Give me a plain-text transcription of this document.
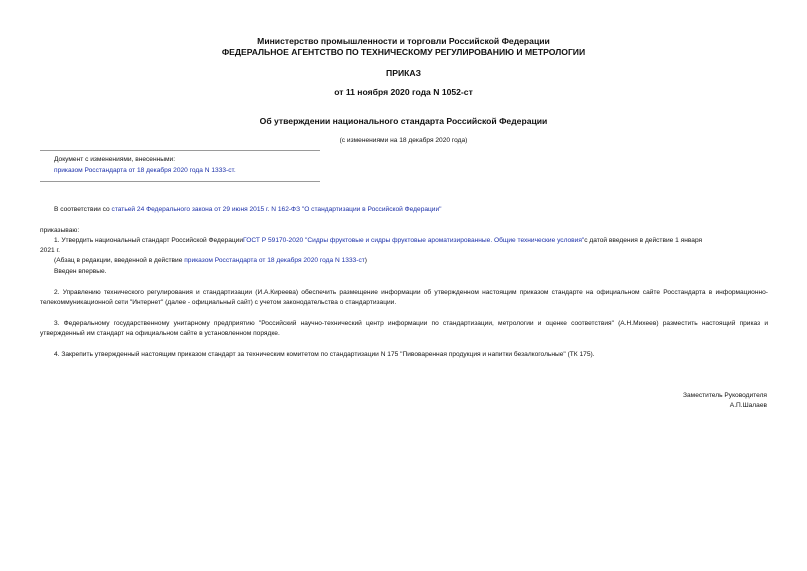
Министерство промышленности и торговли Российской Федерации
ФЕДЕРАЛЬНОЕ АГЕНТСТВО ПО ТЕХНИЧЕСКОМУ РЕГУЛИРОВАНИЮ И МЕТРОЛОГИИ
ПРИКАЗ
от 11 ноября 2020 года N 1052-ст
Об утверждении национального стандарта Российской Федерации
(с изменениями на 18 декабря 2020 года)
Документ с изменениями, внесенными:
приказом Росстандарта от 18 декабря 2020 года N 1333-ст.
В соответствии со статьей 24 Федерального закона от 29 июня 2015 г. N 162-ФЗ "О стандартизации в Российской Федерации"
приказываю:
1. Утвердить национальный стандарт Российской ФедерацииГОСТ Р 59170-2020 "Сидры фруктовые и сидры фруктовые ароматизированные. Общие технические условия"с датой введения в действие 1 января
2021 г.
(Абзац в редакции, введенной в действие приказом Росстандарта от 18 декабря 2020 года N 1333-ст)
Введен впервые.
2. Управлению технического регулирования и стандартизации (И.А.Киреева) обеспечить размещение информации об утвержденном настоящим приказом стандарте на официальном сайте Росстандарта в информационно-телекоммуникационной сети "Интернет" (далее - официальный сайт) с учетом законодательства о стандартизации.
3. Федеральному государственному унитарному предприятию "Российский научно-технический центр информации по стандартизации, метрологии и оценке соответствия" (А.Н.Михеев) разместить настоящий приказ и утвержденный им стандарт на официальном сайте в установленном порядке.
4. Закрепить утвержденный настоящим приказом стандарт за техническим комитетом по стандартизации N 175 "Пивоваренная продукция и напитки безалкогольные" (ТК 175).
Заместитель Руководителя
А.П.Шалаев
